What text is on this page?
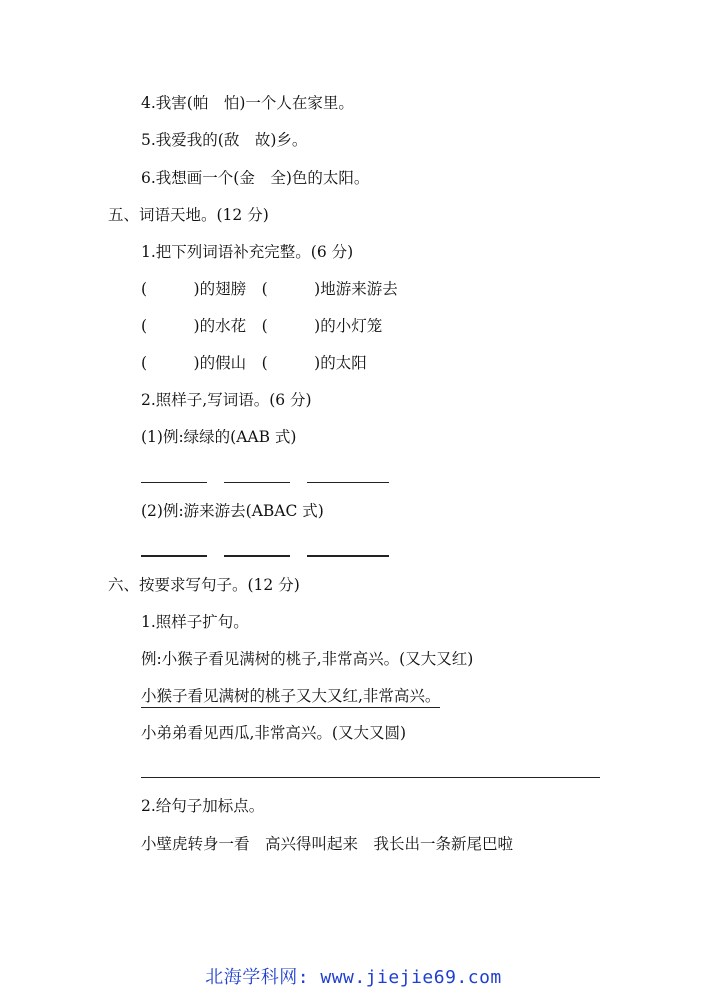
4.我害(帕　怕)一个人在家里。
5.我爱我的(敌　故)乡。
6.我想画一个(金　全)色的太阳。
五、词语天地。(12 分)
1.把下列词语补充完整。(6 分)
(　　　)的翅膀　(　　　)地游来游去
(　　　)的水花　(　　　)的小灯笼
(　　　)的假山　(　　　)的太阳
2.照样子,写词语。(6 分)
(1)例:绿绿的(AAB 式)
(2)例:游来游去(ABAC 式)
六、按要求写句子。(12 分)
1.照样子扩句。
例:小猴子看见满树的桃子,非常高兴。(又大又红)
小猴子看见满树的桃子又大又红,非常高兴。
小弟弟看见西瓜,非常高兴。(又大又圆)
2.给句子加标点。
小壁虎转身一看　高兴得叫起来　我长出一条新尾巴啦
北海学科网: www.jiejie69.com
